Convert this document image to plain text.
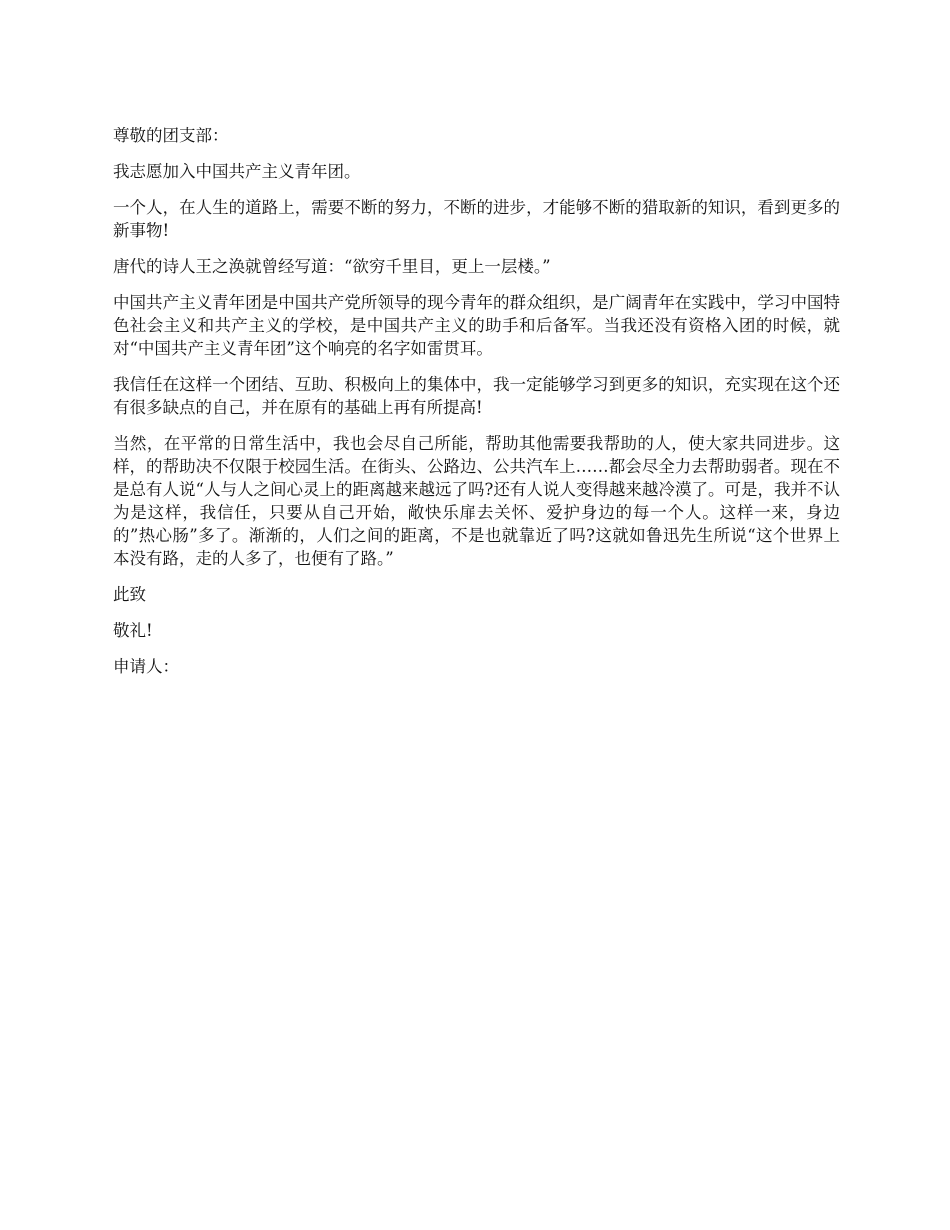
尊敬的团支部：

我志愿加入中国共产主义青年团。

一个人，在人生的道路上，需要不断的努力，不断的进步，才能够不断的猎取新的知识，看到更多的新事物!

唐代的诗人王之涣就曾经写道：“欲穷千里目，更上一层楼。”

中国共产主义青年团是中国共产党所领导的现今青年的群众组织，是广阔青年在实践中，学习中国特色社会主义和共产主义的学校，是中国共产主义的助手和后备军。当我还没有资格入团的时候，就对“中国共产主义青年团”这个响亮的名字如雷贯耳。

我信任在这样一个团结、互助、积极向上的集体中，我一定能够学习到更多的知识，充实现在这个还有很多缺点的自己，并在原有的基础上再有所提高!

当然，在平常的日常生活中，我也会尽自己所能，帮助其他需要我帮助的人，使大家共同进步。这样，的帮助决不仅限于校园生活。在街头、公路边、公共汽车上……都会尽全力去帮助弱者。现在不是总有人说“人与人之间心灵上的距离越来越远了吗?还有人说人变得越来越冷漠了。可是，我并不认为是这样，我信任，只要从自己开始，敞快乐扉去关怀、爱护身边的每一个人。这样一来，身边的”热心肠”多了。渐渐的，人们之间的距离，不是也就靠近了吗?这就如鲁迅先生所说“这个世界上本没有路，走的人多了，也便有了路。”

此致

敬礼!

申请人：
